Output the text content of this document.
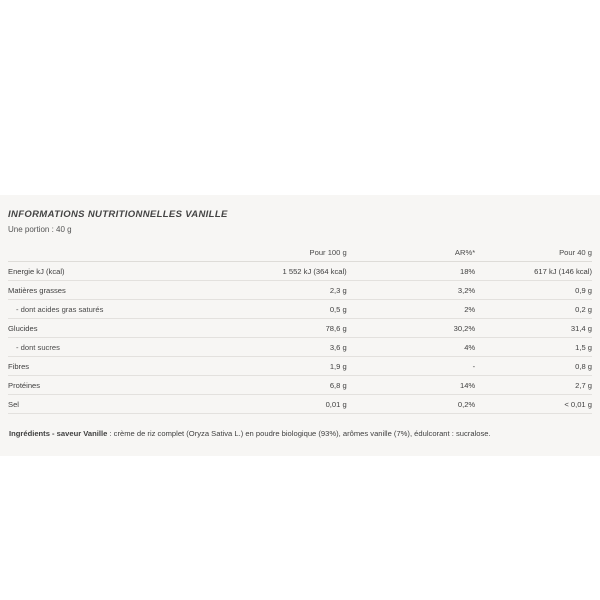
INFORMATIONS NUTRITIONNELLES VANILLE

Une portion : 40 g

	Pour 100 g	AR%*	Pour 40 g
Energie kJ (kcal)	1 552 kJ (364 kcal)	18%	617 kJ (146 kcal)
Matières grasses	2,3 g	3,2%	0,9 g
- dont acides gras saturés	0,5 g	2%	0,2 g
Glucides	78,6 g	30,2%	31,4 g
- dont sucres	3,6 g	4%	1,5 g
Fibres	1,9 g	-	0,8 g
Protéines	6,8 g	14%	2,7 g
Sel	0,01 g	0,2%	< 0,01 g

Ingrédients - saveur Vanille : crème de riz complet (Oryza Sativa L.) en poudre biologique (93%), arômes vanille (7%), édulcorant : sucralose.
